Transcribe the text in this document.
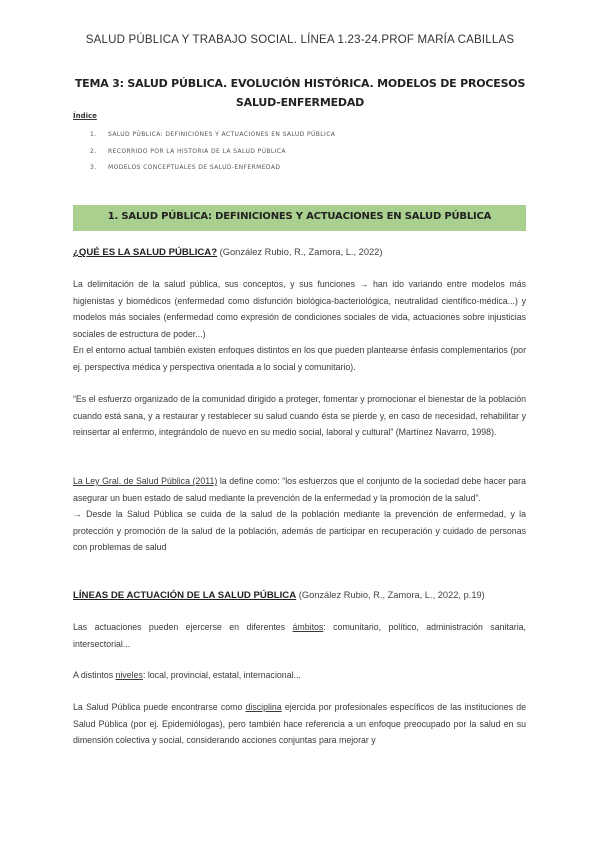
SALUD PÚBLICA Y TRABAJO SOCIAL. LÍNEA 1.23-24.PROF MARÍA CABILLAS
TEMA 3: SALUD PÚBLICA. EVOLUCIÓN HISTÓRICA. MODELOS DE PROCESOS
SALUD-ENFERMEDAD
Índice
1. SALUD PÚBLICA: DEFINICIONES Y ACTUACIONES EN SALUD PÚBLICA
2. RECORRIDO POR LA HISTORIA DE LA SALUD PÚBLICA
3. MODELOS CONCEPTUALES DE SALUD-ENFERMEDAD
1. SALUD PÚBLICA: DEFINICIONES Y ACTUACIONES EN SALUD PÚBLICA
¿QUÉ ES LA SALUD PÚBLICA? (González Rubio, R., Zamora, L., 2022)

La delimitación de la salud pública, sus conceptos, y sus funciones → han ido variando entre modelos más higienistas y biomédicos (enfermedad como disfunción biológica-bacteriológica, neutralidad científico-médica...) y modelos más sociales (enfermedad como expresión de condiciones sociales de vida, actuaciones sobre injusticias sociales de estructura de poder...)

En el entorno actual también existen enfoques distintos en los que pueden plantearse énfasis complementarios (por ej. perspectiva médica y perspectiva orientada a lo social y comunitario).

“Es el esfuerzo organizado de la comunidad dirigido a proteger, fomentar y promocionar el bienestar de la población cuando está sana, y a restaurar y restablecer su salud cuando ésta se pierde y, en caso de necesidad, rehabilitar y reinsertar al enfermo, integrándolo de nuevo en su medio social, laboral y cultural” (Martínez Navarro, 1998).

La Ley Gral. de Salud Pública (2011) la define como: “los esfuerzos que el conjunto de la sociedad debe hacer para asegurar un buen estado de salud mediante la prevención de la enfermedad y la promoción de la salud”.

→ Desde la Salud Pública se cuida de la salud de la población mediante la prevención de enfermedad, y la protección y promoción de la salud de la población, además de participar en recuperación y cuidado de personas con problemas de salud

LÍNEAS DE ACTUACIÓN DE LA SALUD PÚBLICA (González Rubio, R., Zamora, L., 2022, p.19)

Las actuaciones pueden ejercerse en diferentes ámbitos: comunitario, político, administración sanitaria, intersectorial...

A distintos niveles: local, provincial, estatal, internacional...

La Salud Pública puede encontrarse como disciplina ejercida por profesionales específicos de las instituciones de Salud Pública (por ej. Epidemiólogas), pero también hace referencia a un enfoque preocupado por la salud en su dimensión colectiva y social, considerando acciones conjuntas para mejorar y
